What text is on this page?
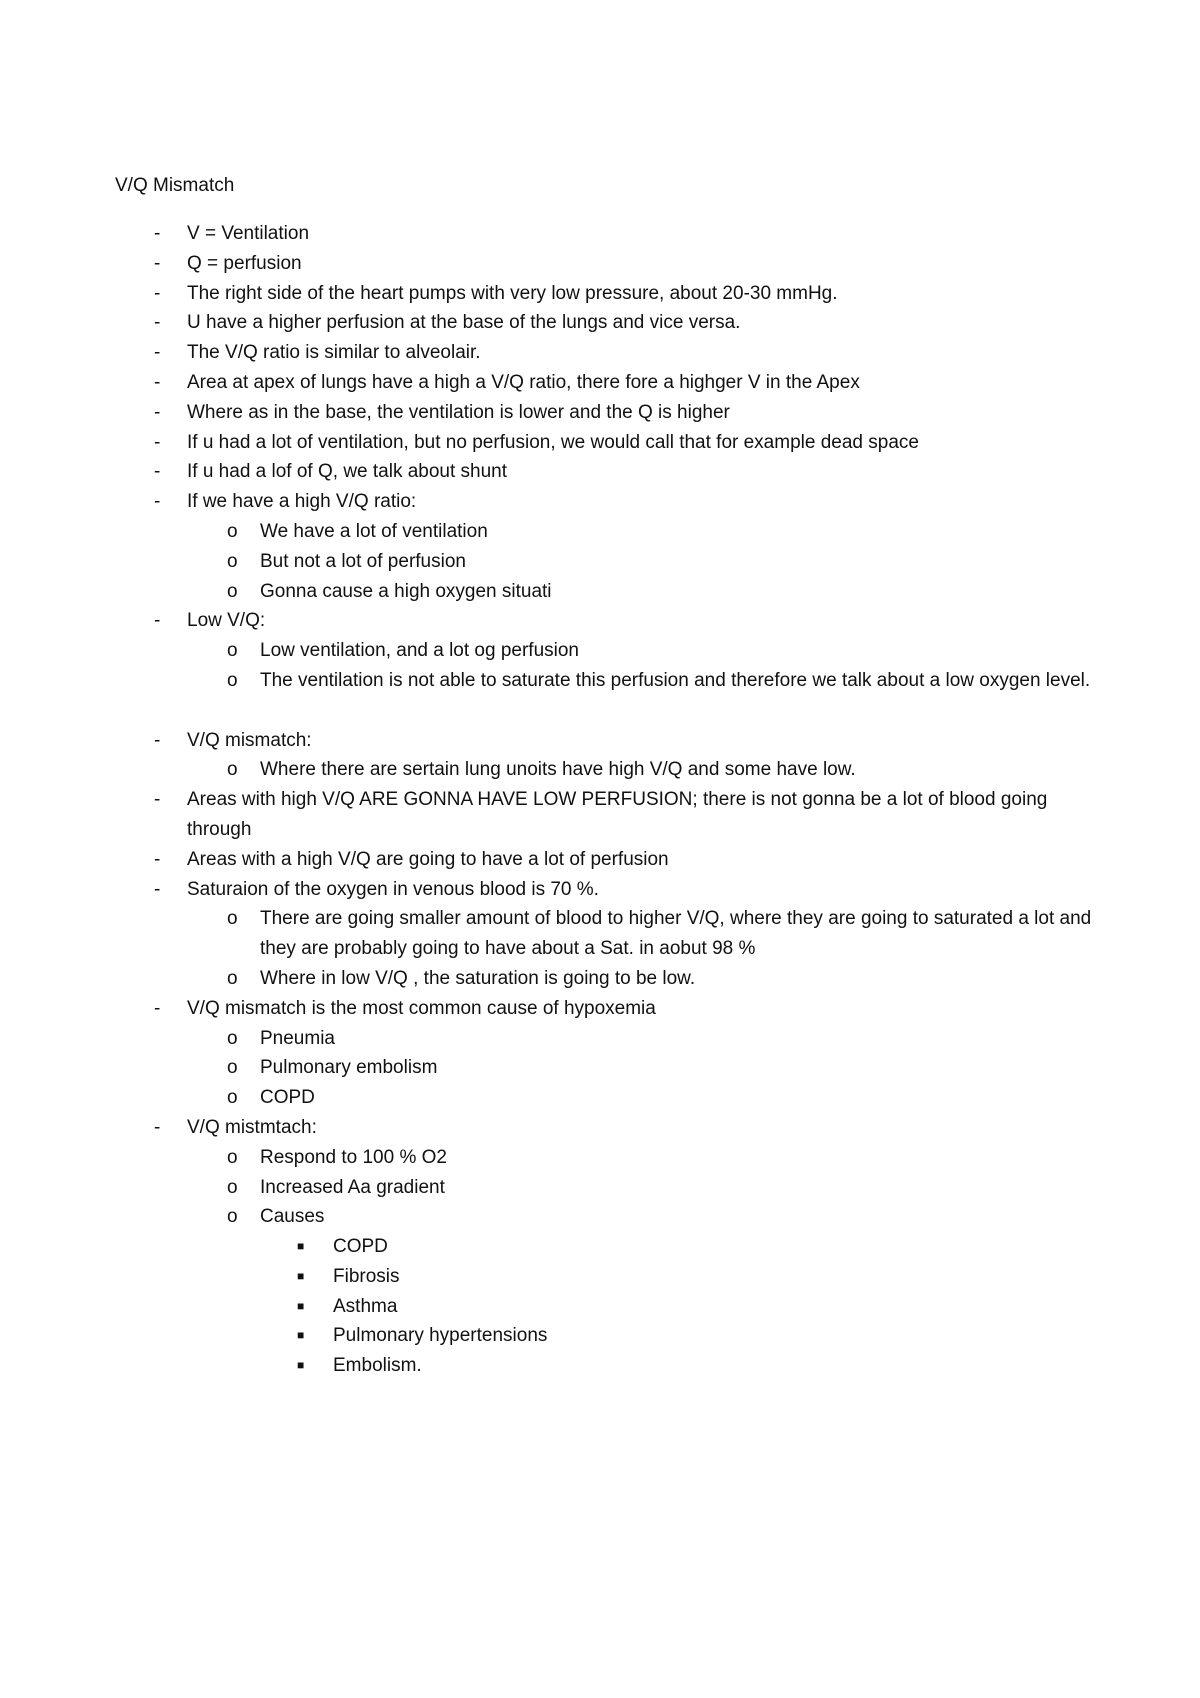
V/Q Mismatch
- V = Ventilation
- Q = perfusion
- The right side of the heart pumps with very low pressure, about 20-30 mmHg.
- U have a higher perfusion at the base of the lungs and vice versa.
- The V/Q ratio is similar to alveolair.
- Area at apex of lungs have a high a V/Q ratio, there fore a highger V in the Apex
- Where as in the base, the ventilation is lower and the Q is higher
- If u had a lot of ventilation, but no perfusion, we would call that for example dead space
- If u had a lof of Q, we talk about shunt
- If we have a high V/Q ratio:
o We have a lot of ventilation
o But not a lot of perfusion
o Gonna cause a high oxygen situati
- Low V/Q:
o Low ventilation, and a lot og perfusion
o The ventilation is not able to saturate this perfusion and therefore we talk about a low oxygen level.
- V/Q mismatch:
o Where there are sertain lung unoits have high V/Q and some have low.
- Areas with high V/Q ARE GONNA HAVE LOW PERFUSION; there is not gonna be a lot of blood going through
- Areas with a high V/Q are going to have a lot of perfusion
- Saturaion of the oxygen in venous blood is 70 %.
o There are going smaller amount of blood to higher V/Q, where they are going to saturated a lot and they are probably going to have about a Sat. in aobut 98 %
o Where in low V/Q , the saturation is going to be low.
- V/Q mismatch is the most common cause of hypoxemia
o Pneumia
o Pulmonary embolism
o COPD
- V/Q mistmtach:
o Respond to 100 % O2
o Increased Aa gradient
o Causes
■ COPD
■ Fibrosis
■ Asthma
■ Pulmonary hypertensions
■ Embolism.
